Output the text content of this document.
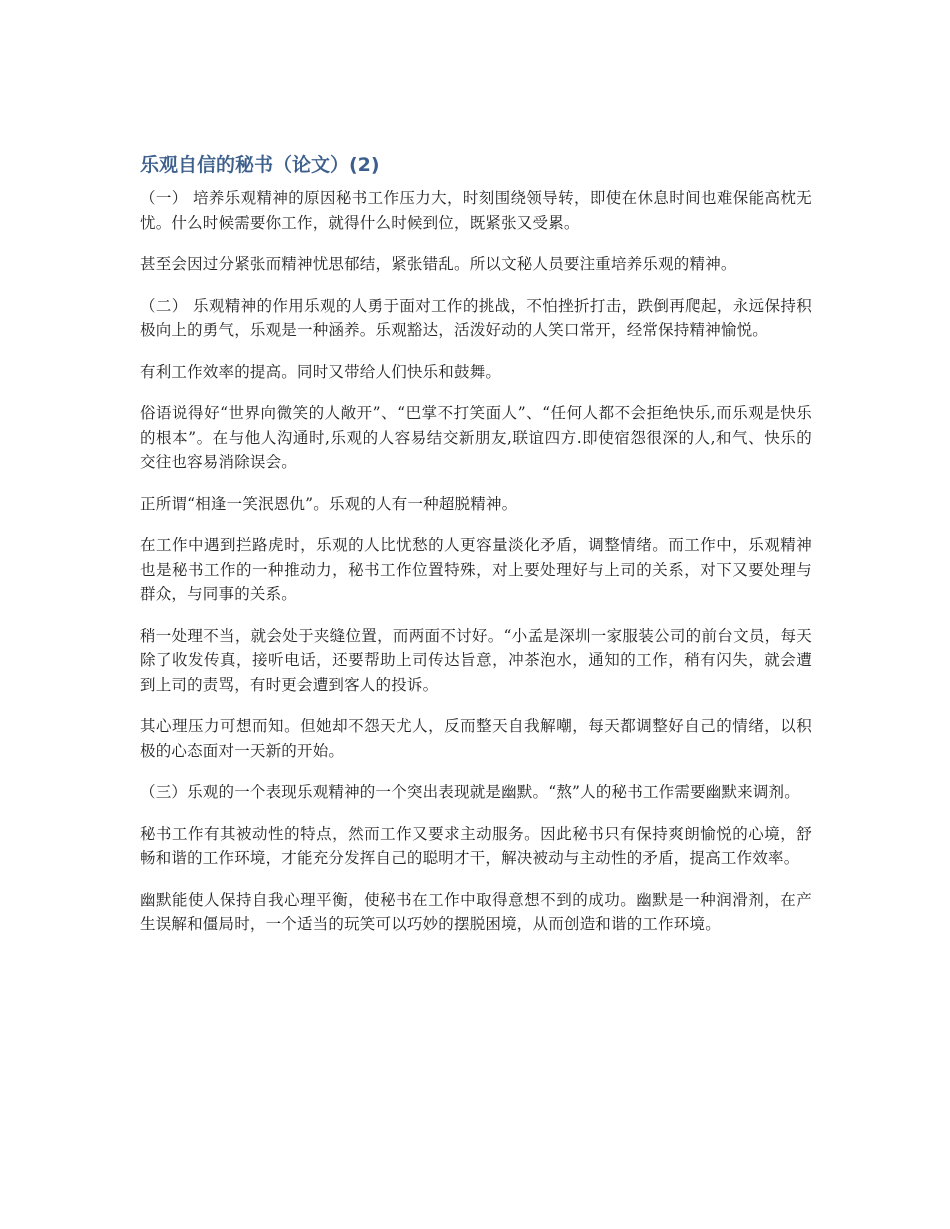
乐观自信的秘书（论文）(2)

（一） 培养乐观精神的原因秘书工作压力大，时刻围绕领导转，即使在休息时间也难保能高枕无忧。什么时候需要你工作，就得什么时候到位，既紧张又受累。

甚至会因过分紧张而精神忧思郁结，紧张错乱。所以文秘人员要注重培养乐观的精神。

（二） 乐观精神的作用乐观的人勇于面对工作的挑战，不怕挫折打击，跌倒再爬起，永远保持积极向上的勇气，乐观是一种涵养。乐观豁达，活泼好动的人笑口常开，经常保持精神愉悦。

有利工作效率的提高。同时又带给人们快乐和鼓舞。

俗语说得好“世界向微笑的人敞开”、“巴掌不打笑面人”、“任何人都不会拒绝快乐,而乐观是快乐的根本”。在与他人沟通时,乐观的人容易结交新朋友,联谊四方.即使宿怨很深的人,和气、快乐的交往也容易消除误会。

正所谓“相逢一笑泯恩仇”。乐观的人有一种超脱精神。

在工作中遇到拦路虎时，乐观的人比忧愁的人更容量淡化矛盾，调整情绪。而工作中，乐观精神也是秘书工作的一种推动力，秘书工作位置特殊，对上要处理好与上司的关系，对下又要处理与群众，与同事的关系。

稍一处理不当，就会处于夹缝位置，而两面不讨好。“小孟是深圳一家服装公司的前台文员，每天除了收发传真，接听电话，还要帮助上司传达旨意，冲茶泡水，通知的工作，稍有闪失，就会遭到上司的责骂，有时更会遭到客人的投诉。

其心理压力可想而知。但她却不怨天尤人，反而整天自我解嘲，每天都调整好自己的情绪，以积极的心态面对一天新的开始。

（三）乐观的一个表现乐观精神的一个突出表现就是幽默。“熬”人的秘书工作需要幽默来调剂。

秘书工作有其被动性的特点，然而工作又要求主动服务。因此秘书只有保持爽朗愉悦的心境，舒畅和谐的工作环境，才能充分发挥自己的聪明才干，解决被动与主动性的矛盾，提高工作效率。

幽默能使人保持自我心理平衡，使秘书在工作中取得意想不到的成功。幽默是一种润滑剂，在产生误解和僵局时，一个适当的玩笑可以巧妙的摆脱困境，从而创造和谐的工作环境。
